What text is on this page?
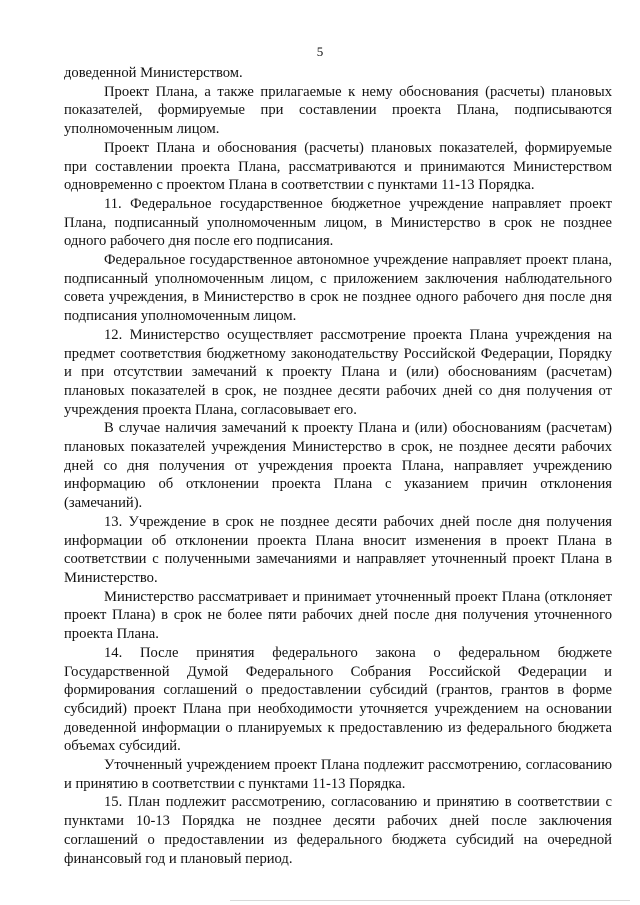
5

доведенной Министерством.

Проект Плана, а также прилагаемые к нему обоснования (расчеты) плановых показателей, формируемые при составлении проекта Плана, подписываются уполномоченным лицом.

Проект Плана и обоснования (расчеты) плановых показателей, формируемые при составлении проекта Плана, рассматриваются и принимаются Министерством одновременно с проектом Плана в соответствии с пунктами 11-13 Порядка.

11. Федеральное государственное бюджетное учреждение направляет проект Плана, подписанный уполномоченным лицом, в Министерство в срок не позднее одного рабочего дня после его подписания.

Федеральное государственное автономное учреждение направляет проект плана, подписанный уполномоченным лицом, с приложением заключения наблюдательного совета учреждения, в Министерство в срок не позднее одного рабочего дня после дня подписания уполномоченным лицом.

12. Министерство осуществляет рассмотрение проекта Плана учреждения на предмет соответствия бюджетному законодательству Российской Федерации, Порядку и при отсутствии замечаний к проекту Плана и (или) обоснованиям (расчетам) плановых показателей в срок, не позднее десяти рабочих дней со дня получения от учреждения проекта Плана, согласовывает его.

В случае наличия замечаний к проекту Плана и (или) обоснованиям (расчетам) плановых показателей учреждения Министерство в срок, не позднее десяти рабочих дней со дня получения от учреждения проекта Плана, направляет учреждению информацию об отклонении проекта Плана с указанием причин отклонения (замечаний).

13. Учреждение в срок не позднее десяти рабочих дней после дня получения информации об отклонении проекта Плана вносит изменения в проект Плана в соответствии с полученными замечаниями и направляет уточненный проект Плана в Министерство.

Министерство рассматривает и принимает уточненный проект Плана (отклоняет проект Плана) в срок не более пяти рабочих дней после дня получения уточненного проекта Плана.

14. После принятия федерального закона о федеральном бюджете Государственной Думой Федерального Собрания Российской Федерации и формирования соглашений о предоставлении субсидий (грантов, грантов в форме субсидий) проект Плана при необходимости уточняется учреждением на основании доведенной информации о планируемых к предоставлению из федерального бюджета объемах субсидий.

Уточненный учреждением проект Плана подлежит рассмотрению, согласованию и принятию в соответствии с пунктами 11-13 Порядка.

15. План подлежит рассмотрению, согласованию и принятию в соответствии с пунктами 10-13 Порядка не позднее десяти рабочих дней после заключения соглашений о предоставлении из федерального бюджета субсидий на очередной финансовый год и плановый период.
